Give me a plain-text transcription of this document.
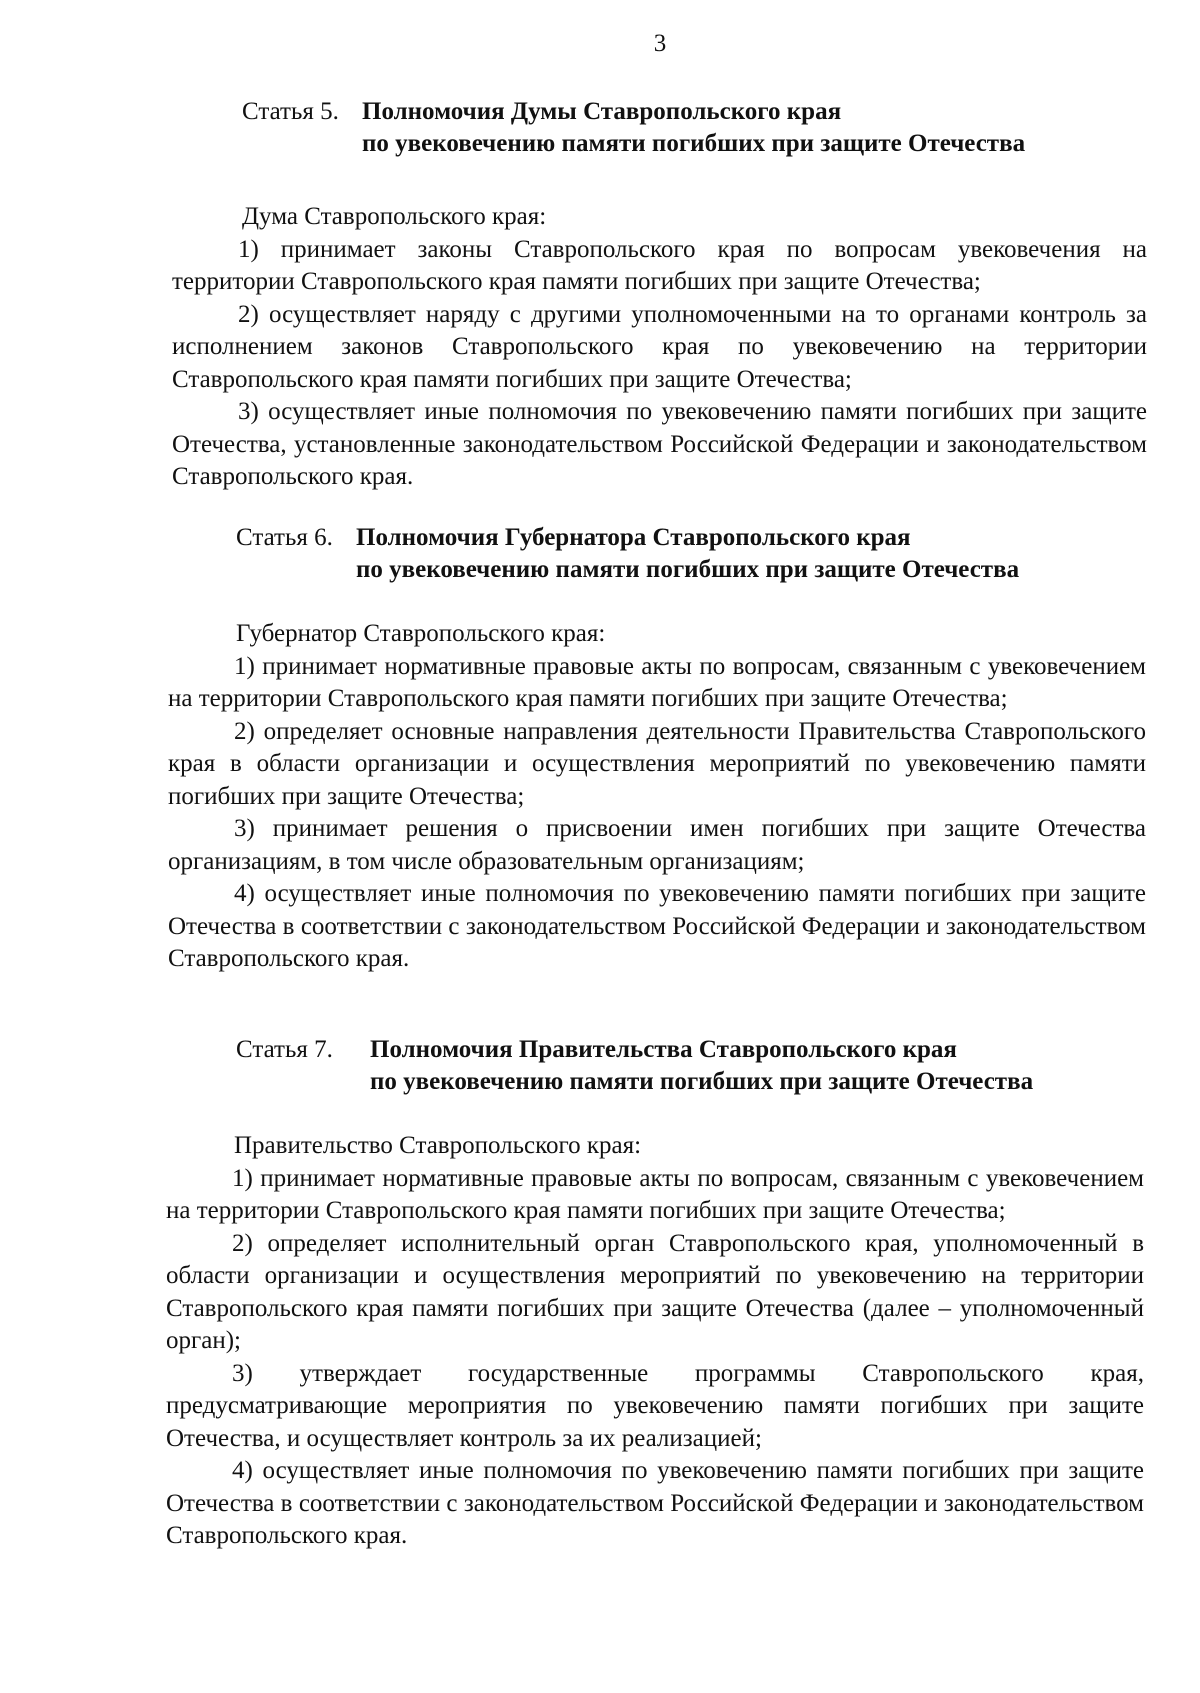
3
Статья 5. Полномочия Думы Ставропольского края
по увековечению памяти погибших при защите Отечества

Дума Ставропольского края:

1) принимает законы Ставропольского края по вопросам увековечения на территории Ставропольского края памяти погибших при защите Отечества;

2) осуществляет наряду с другими уполномоченными на то органами контроль за исполнением законов Ставропольского края по увековечению на территории Ставропольского края памяти погибших при защите Отечества;

3) осуществляет иные полномочия по увековечению памяти погибших при защите Отечества, установленные законодательством Российской Федерации и законодательством Ставропольского края.

Статья 6. Полномочия Губернатора Ставропольского края
по увековечению памяти погибших при защите Отечества

Губернатор Ставропольского края:

1) принимает нормативные правовые акты по вопросам, связанным с увековечением на территории Ставропольского края памяти погибших при защите Отечества;

2) определяет основные направления деятельности Правительства Ставропольского края в области организации и осуществления мероприятий по увековечению памяти погибших при защите Отечества;

3) принимает решения о присвоении имен погибших при защите Отечества организациям, в том числе образовательным организациям;

4) осуществляет иные полномочия по увековечению памяти погибших при защите Отечества в соответствии с законодательством Российской Федерации и законодательством Ставропольского края.

Статья 7. Полномочия Правительства Ставропольского края
по увековечению памяти погибших при защите Отечества

Правительство Ставропольского края:

1) принимает нормативные правовые акты по вопросам, связанным с увековечением на территории Ставропольского края памяти погибших при защите Отечества;

2) определяет исполнительный орган Ставропольского края, уполномоченный в области организации и осуществления мероприятий по увековечению на территории Ставропольского края памяти погибших при защите Отечества (далее – уполномоченный орган);

3) утверждает государственные программы Ставропольского края, предусматривающие мероприятия по увековечению памяти погибших при защите Отечества, и осуществляет контроль за их реализацией;

4) осуществляет иные полномочия по увековечению памяти погибших при защите Отечества в соответствии с законодательством Российской Федерации и законодательством Ставропольского края.
